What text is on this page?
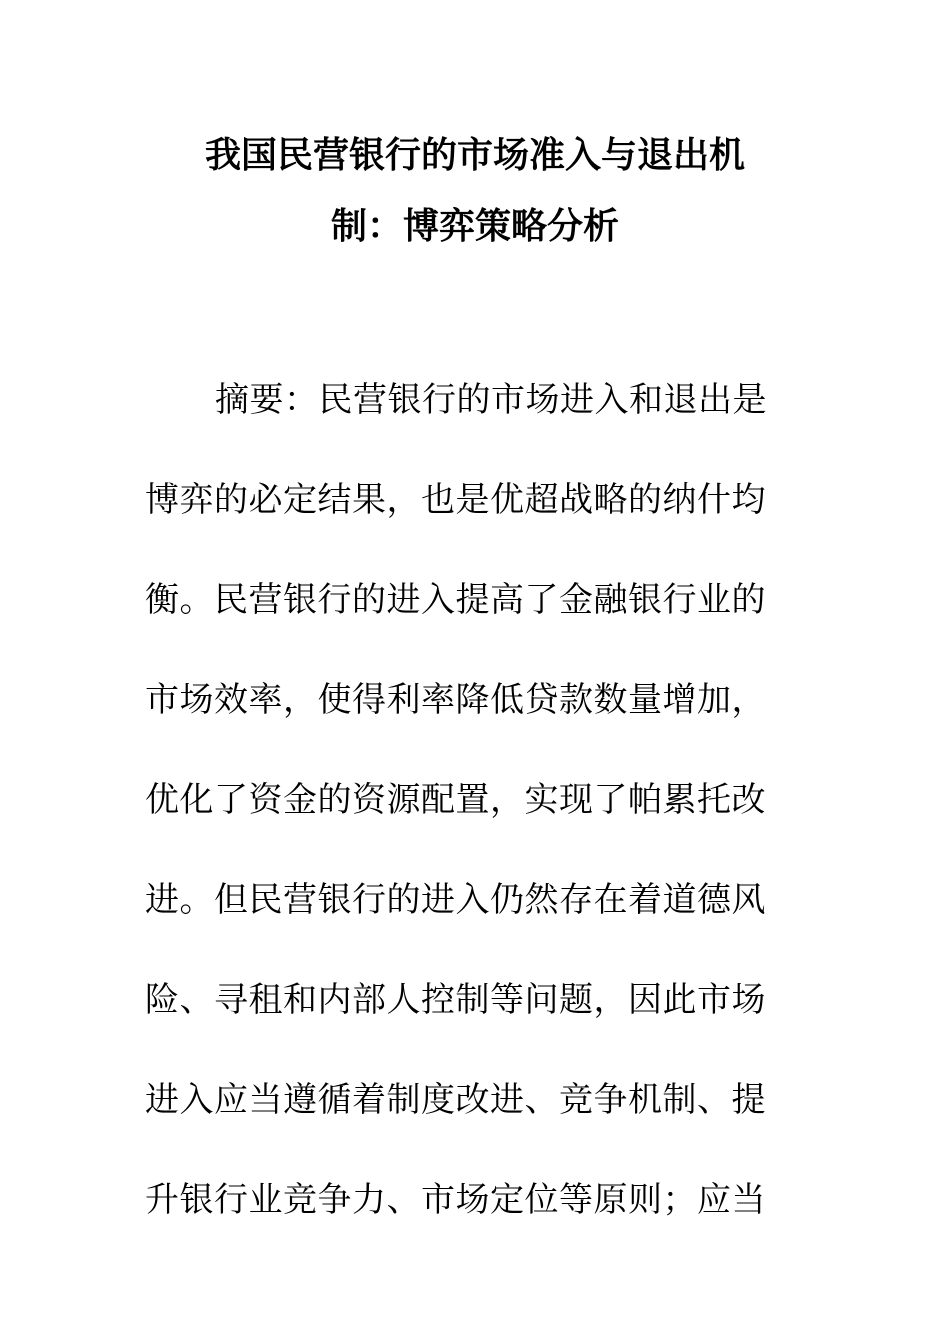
我国民营银行的市场准入与退出机
制：博弈策略分析
摘要：民营银行的市场进入和退出是
博弈的必定结果，也是优超战略的纳什均
衡。民营银行的进入提高了金融银行业的
市场效率，使得利率降低贷款数量增加，
优化了资金的资源配置，实现了帕累托改
进。但民营银行的进入仍然存在着道德风
险、寻租和内部人控制等问题，因此市场
进入应当遵循着制度改进、竞争机制、提
升银行业竞争力、市场定位等原则；应当
